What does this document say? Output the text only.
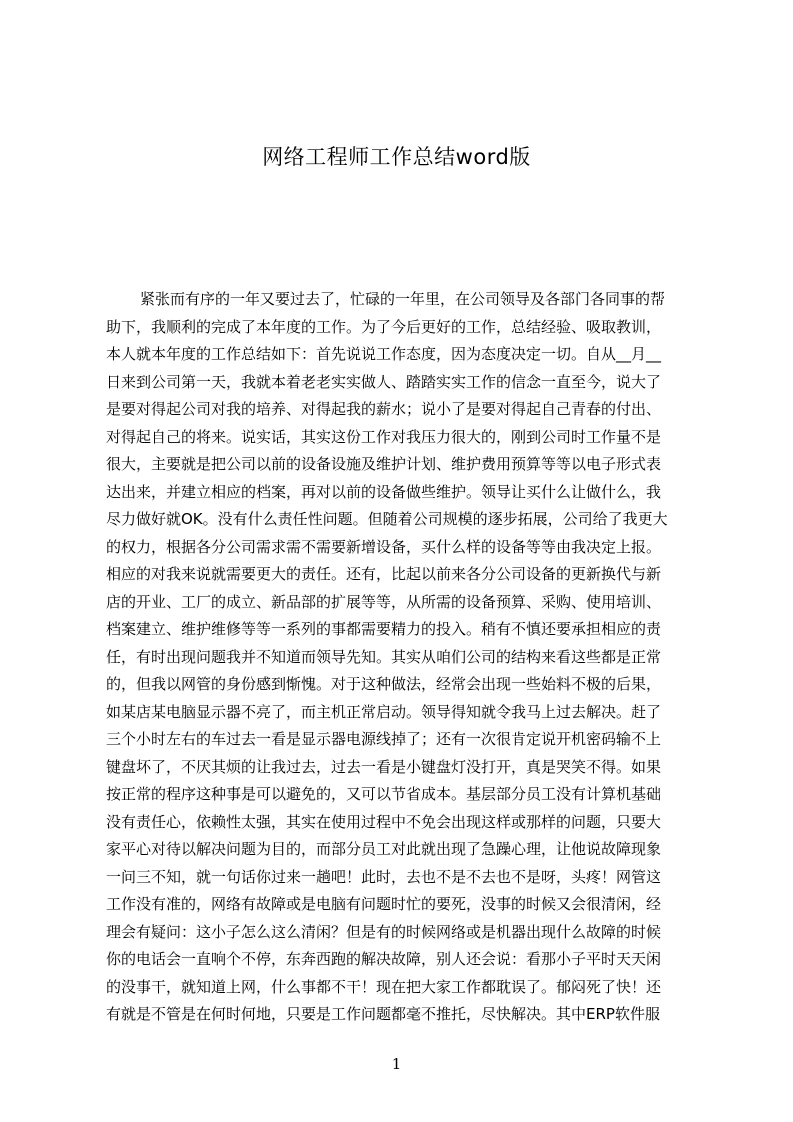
网络工程师工作总结word版
紧张而有序的一年又要过去了，忙碌的一年里，在公司领导及各部门各同事的帮
助下，我顺利的完成了本年度的工作。为了今后更好的工作，总结经验、吸取教训，
本人就本年度的工作总结如下：首先说说工作态度，因为态度决定一切。自从__月__
日来到公司第一天，我就本着老老实实做人、踏踏实实工作的信念一直至今，说大了
是要对得起公司对我的培养、对得起我的薪水；说小了是要对得起自己青春的付出、
对得起自己的将来。说实话，其实这份工作对我压力很大的，刚到公司时工作量不是
很大，主要就是把公司以前的设备设施及维护计划、维护费用预算等等以电子形式表
达出来，并建立相应的档案，再对以前的设备做些维护。领导让买什么让做什么，我
尽力做好就OK。没有什么责任性问题。但随着公司规模的逐步拓展，公司给了我更大
的权力，根据各分公司需求需不需要新增设备，买什么样的设备等等由我决定上报。
相应的对我来说就需要更大的责任。还有，比起以前来各分公司设备的更新换代与新
店的开业、工厂的成立、新品部的扩展等等，从所需的设备预算、采购、使用培训、
档案建立、维护维修等等一系列的事都需要精力的投入。稍有不慎还要承担相应的责
任，有时出现问题我并不知道而领导先知。其实从咱们公司的结构来看这些都是正常
的，但我以网管的身份感到惭愧。对于这种做法，经常会出现一些始料不极的后果，
如某店某电脑显示器不亮了，而主机正常启动。领导得知就令我马上过去解决。赶了
三个小时左右的车过去一看是显示器电源线掉了；还有一次很肯定说开机密码输不上
键盘坏了，不厌其烦的让我过去，过去一看是小键盘灯没打开，真是哭笑不得。如果
按正常的程序这种事是可以避免的，又可以节省成本。基层部分员工没有计算机基础
没有责任心，依赖性太强，其实在使用过程中不免会出现这样或那样的问题，只要大
家平心对待以解决问题为目的，而部分员工对此就出现了急躁心理，让他说故障现象
一问三不知，就一句话你过来一趟吧！此时，去也不是不去也不是呀，头疼！网管这
工作没有准的，网络有故障或是电脑有问题时忙的要死，没事的时候又会很清闲，经
理会有疑问：这小子怎么这么清闲？但是有的时候网络或是机器出现什么故障的时候
你的电话会一直响个不停，东奔西跑的解决故障，别人还会说：看那小子平时天天闲
的没事干，就知道上网，什么事都不干！现在把大家工作都耽误了。郁闷死了快！还
有就是不管是在何时何地，只要是工作问题都毫不推托，尽快解决。其中ERP软件服
1
